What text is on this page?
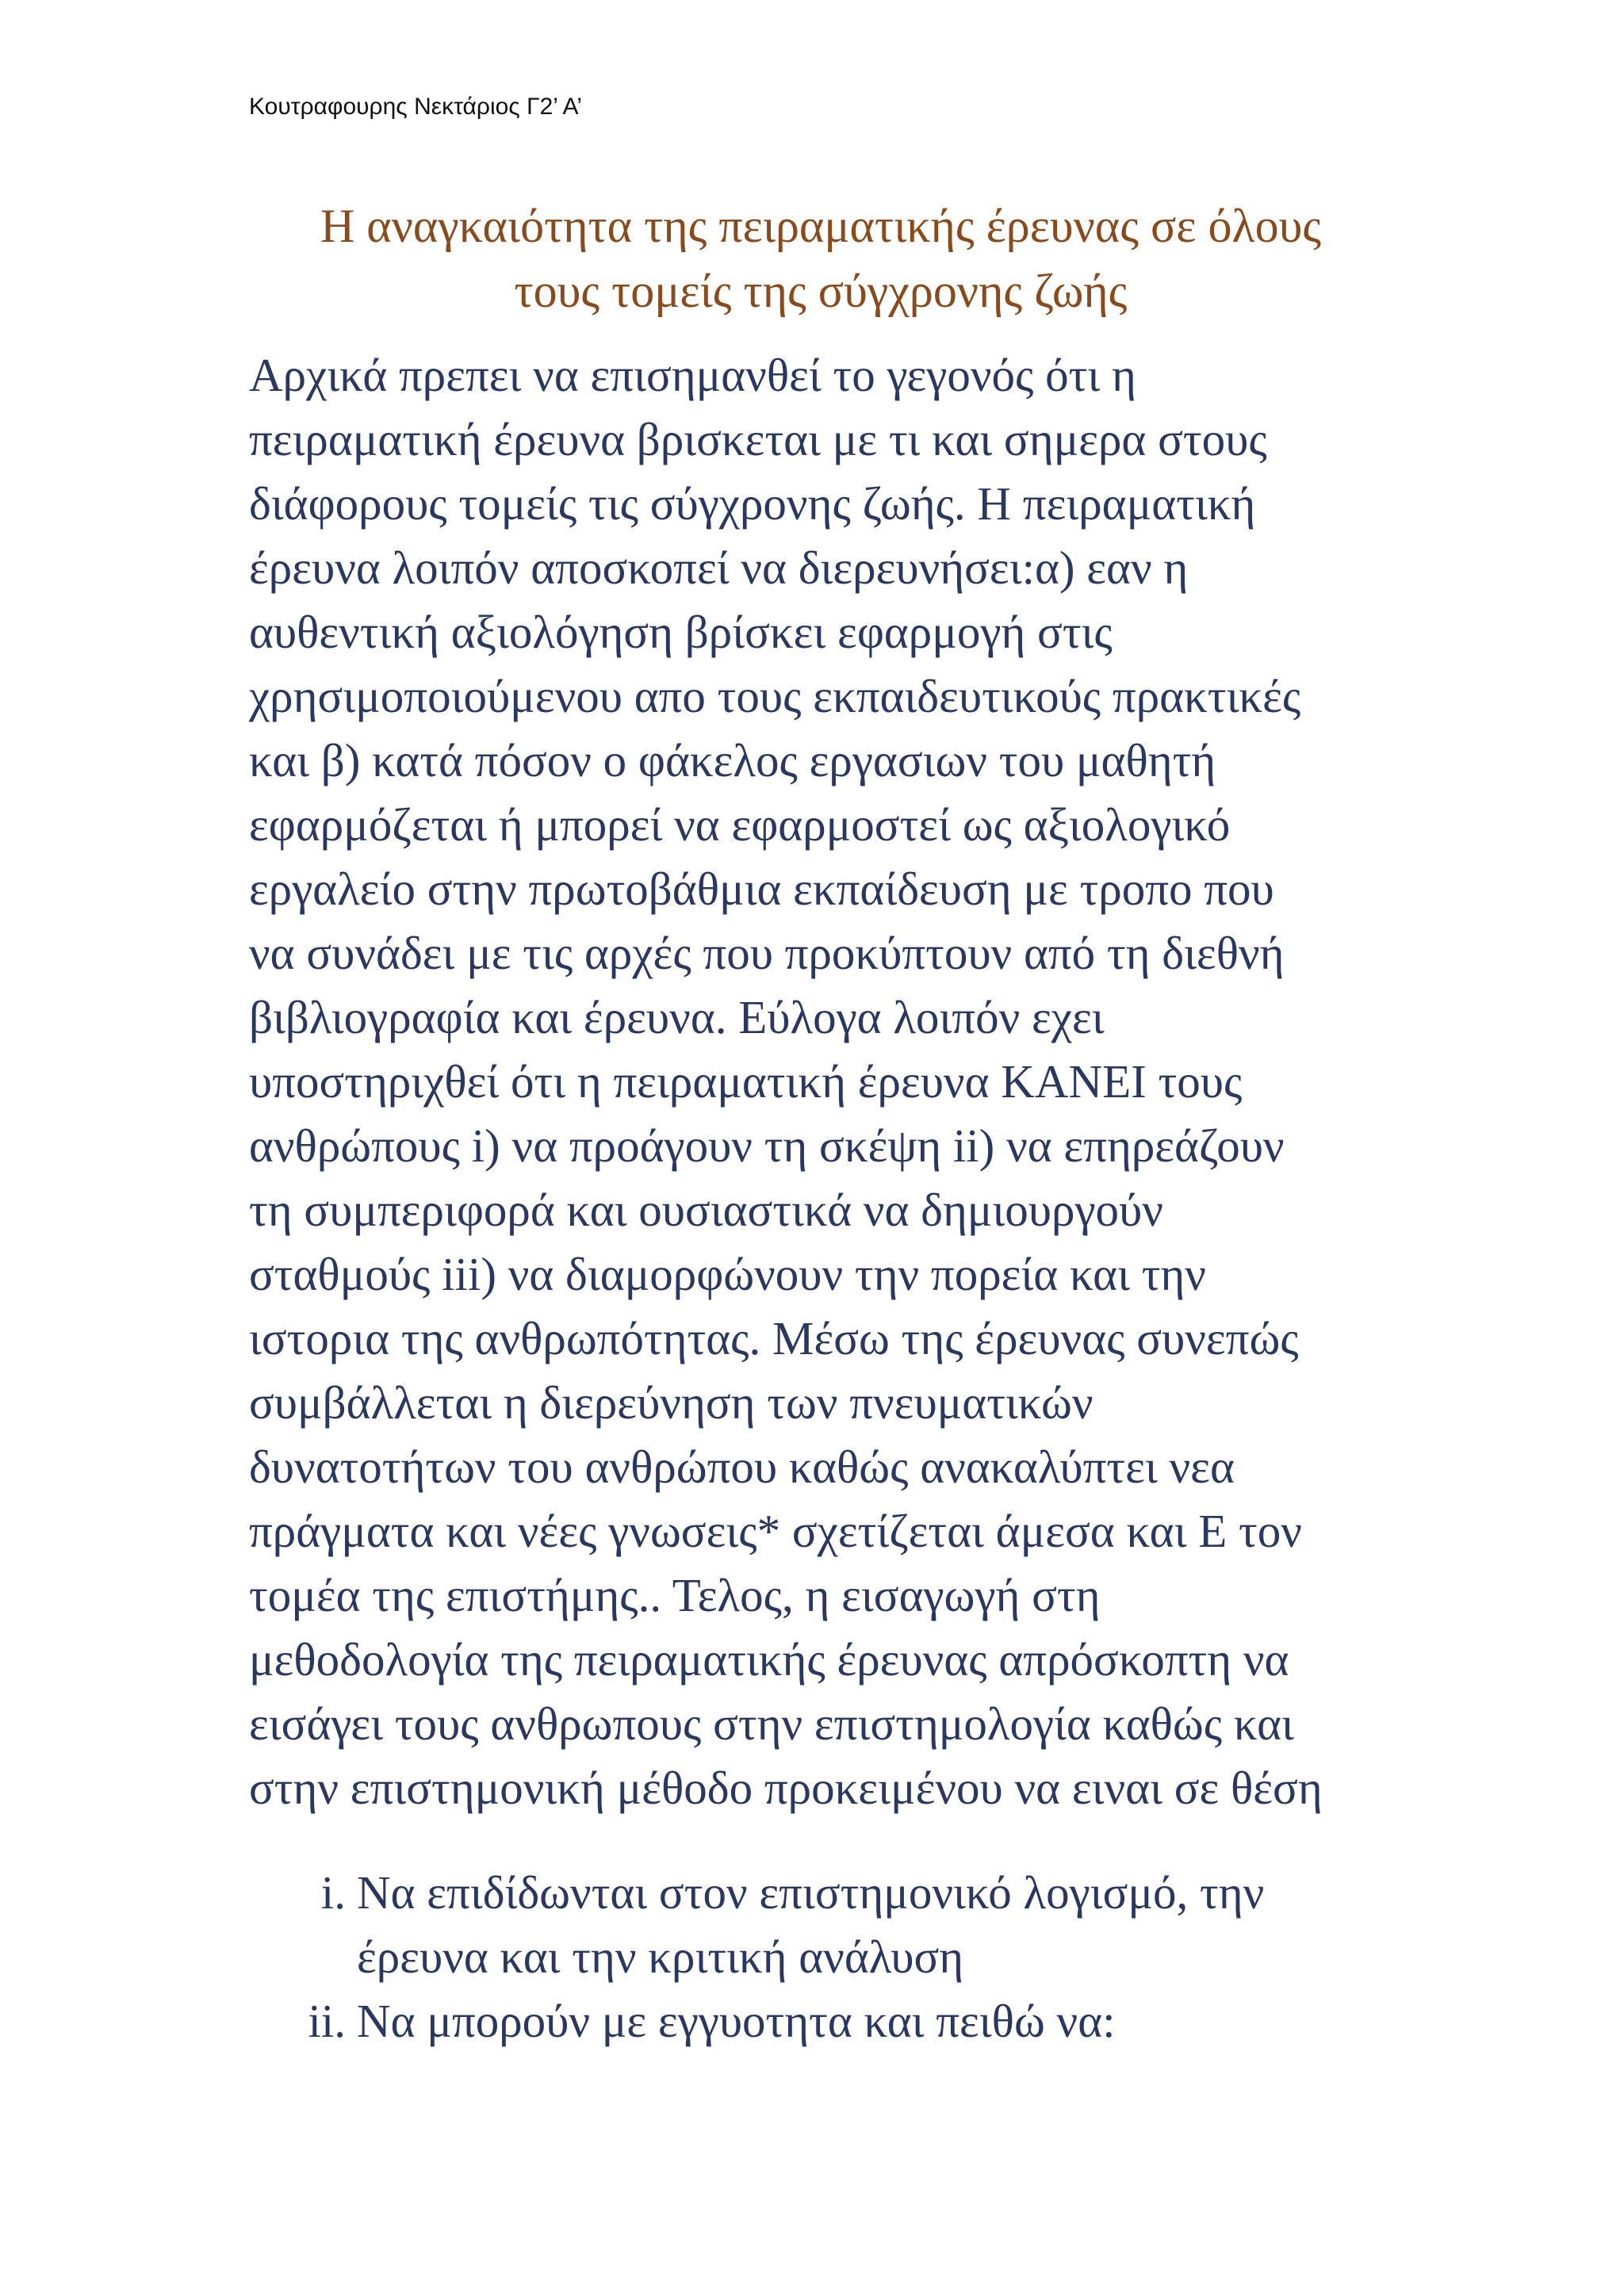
Κουτραφουρης Νεκτάριος Γ2’ Α’
Η αναγκαιότητα της πειραματικής έρευνας σε όλους
τους τομείς της σύγχρονης ζωής
Αρχικά πρεπει να επισημανθεί το γεγονός ότι η
πειραματική έρευνα βρισκεται με τι και σημερα στους
διάφορους τομείς τις σύγχρονης ζωής. Η πειραματική
έρευνα λοιπόν αποσκοπεί να διερευνήσει:α) εαν η
αυθεντική αξιολόγηση βρίσκει εφαρμογή στις
χρησιμοποιούμενου απο τους εκπαιδευτικούς πρακτικές
και β) κατά πόσον ο φάκελος εργασιων του μαθητή
εφαρμόζεται ή μπορεί να εφαρμοστεί ως αξιολογικό
εργαλείο στην πρωτοβάθμια εκπαίδευση με τροπο που
να συνάδει με τις αρχές που προκύπτουν από τη διεθνή
βιβλιογραφία και έρευνα. Εύλογα λοιπόν εχει
υποστηριχθεί ότι η πειραματική έρευνα ΚΑΝΕΙ τους
ανθρώπους i) να προάγουν τη σκέψη ii) να επηρεάζουν
τη συμπεριφορά και ουσιαστικά να δημιουργούν
σταθμούς iii) να διαμορφώνουν την πορεία και την
ιστορια της ανθρωπότητας. Μέσω της έρευνας συνεπώς
συμβάλλεται η διερεύνηση των πνευματικών
δυνατοτήτων του ανθρώπου καθώς ανακαλύπτει νεα
πράγματα και νέες γνωσεις* σχετίζεται άμεσα και Ε τον
τομέα της επιστήμης.. Τελος, η εισαγωγή στη
μεθοδολογία της πειραματικής έρευνας απρόσκοπτη να
εισάγει τους ανθρωπους στην επιστημολογία καθώς και
στην επιστημονική μέθοδο προκειμένου να ειναι σε θέση
i. Να επιδίδωνται στον επιστημονικό λογισμό, την
έρευνα και την κριτική ανάλυση
ii. Να μπορούν με εγγυοτητα και πειθώ να:
